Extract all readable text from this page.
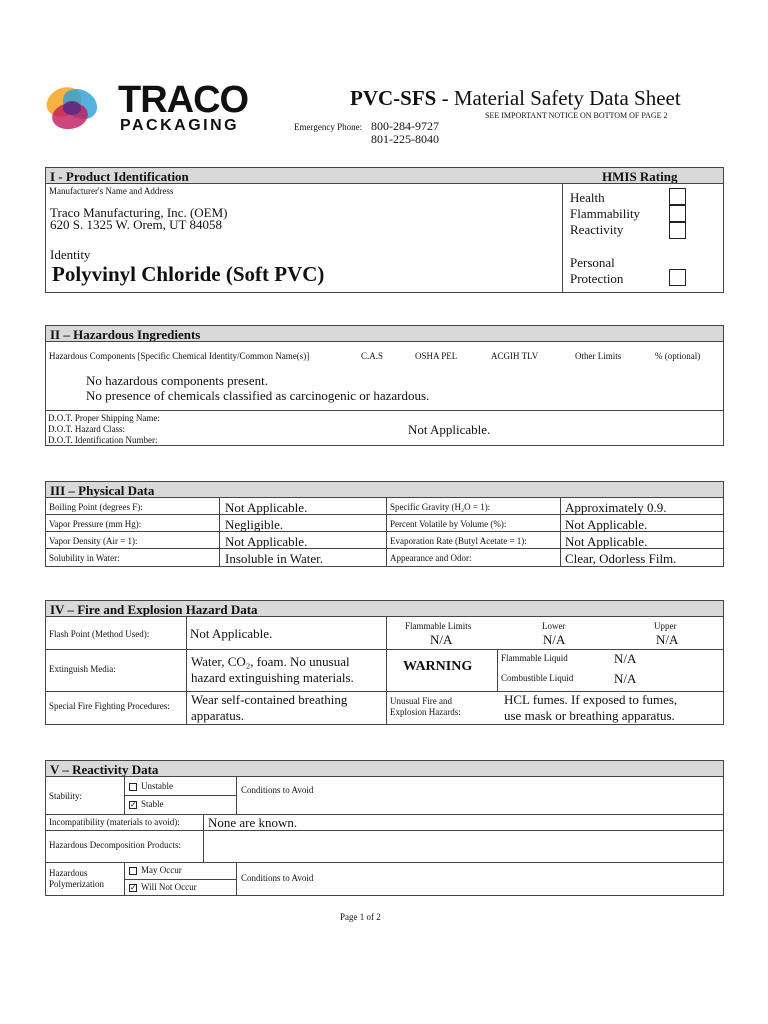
TRACO
PACKAGING
PVC-SFS - Material Safety Data Sheet
SEE IMPORTANT NOTICE ON BOTTOM OF PAGE 2
Emergency Phone: 800-284-9727
801-225-8040
I - Product Identification	HMIS Rating
Manufacturer's Name and Address
Traco Manufacturing, Inc. (OEM)
620 S. 1325 W. Orem, UT 84058
Identity
Polyvinyl Chloride (Soft PVC)
Health
Flammability
Reactivity
Personal
Protection
II – Hazardous Ingredients
Hazardous Components [Specific Chemical Identity/Common Name(s)]	C.A.S	OSHA PEL	ACGIH TLV	Other Limits	% (optional)
No hazardous components present.
No presence of chemicals classified as carcinogenic or hazardous.
D.O.T. Proper Shipping Name:
D.O.T. Hazard Class:
D.O.T. Identification Number:
Not Applicable.
III – Physical Data
Boiling Point (degrees F):	Not Applicable.	Specific Gravity (H₂O = 1):	Approximately 0.9.
Vapor Pressure (mm Hg):	Negligible.	Percent Volatile by Volume (%):	Not Applicable.
Vapor Density (Air = 1):	Not Applicable.	Evaporation Rate (Butyl Acetate = 1):	Not Applicable.
Solubility in Water:	Insoluble in Water.	Appearance and Odor:	Clear, Odorless Film.
IV – Fire and Explosion Hazard Data
Flash Point (Method Used):	Not Applicable.	Flammable Limits	Lower	Upper
N/A	N/A	N/A
Extinguish Media:	Water, CO₂, foam. No unusual
hazard extinguishing materials.
WARNING
Flammable Liquid	N/A
Combustible Liquid	N/A
Special Fire Fighting Procedures: Wear self-contained breathing
apparatus.
Unusual Fire and
Explosion Hazards:
HCL fumes. If exposed to fumes,
use mask or breathing apparatus.
V – Reactivity Data
Stability:
Unstable
✓ Stable
Conditions to Avoid
Incompatibility (materials to avoid): None are known.
Hazardous Decomposition Products:
Hazardous
Polymerization
May Occur
✓ Will Not Occur
Conditions to Avoid
Page 1 of 2
